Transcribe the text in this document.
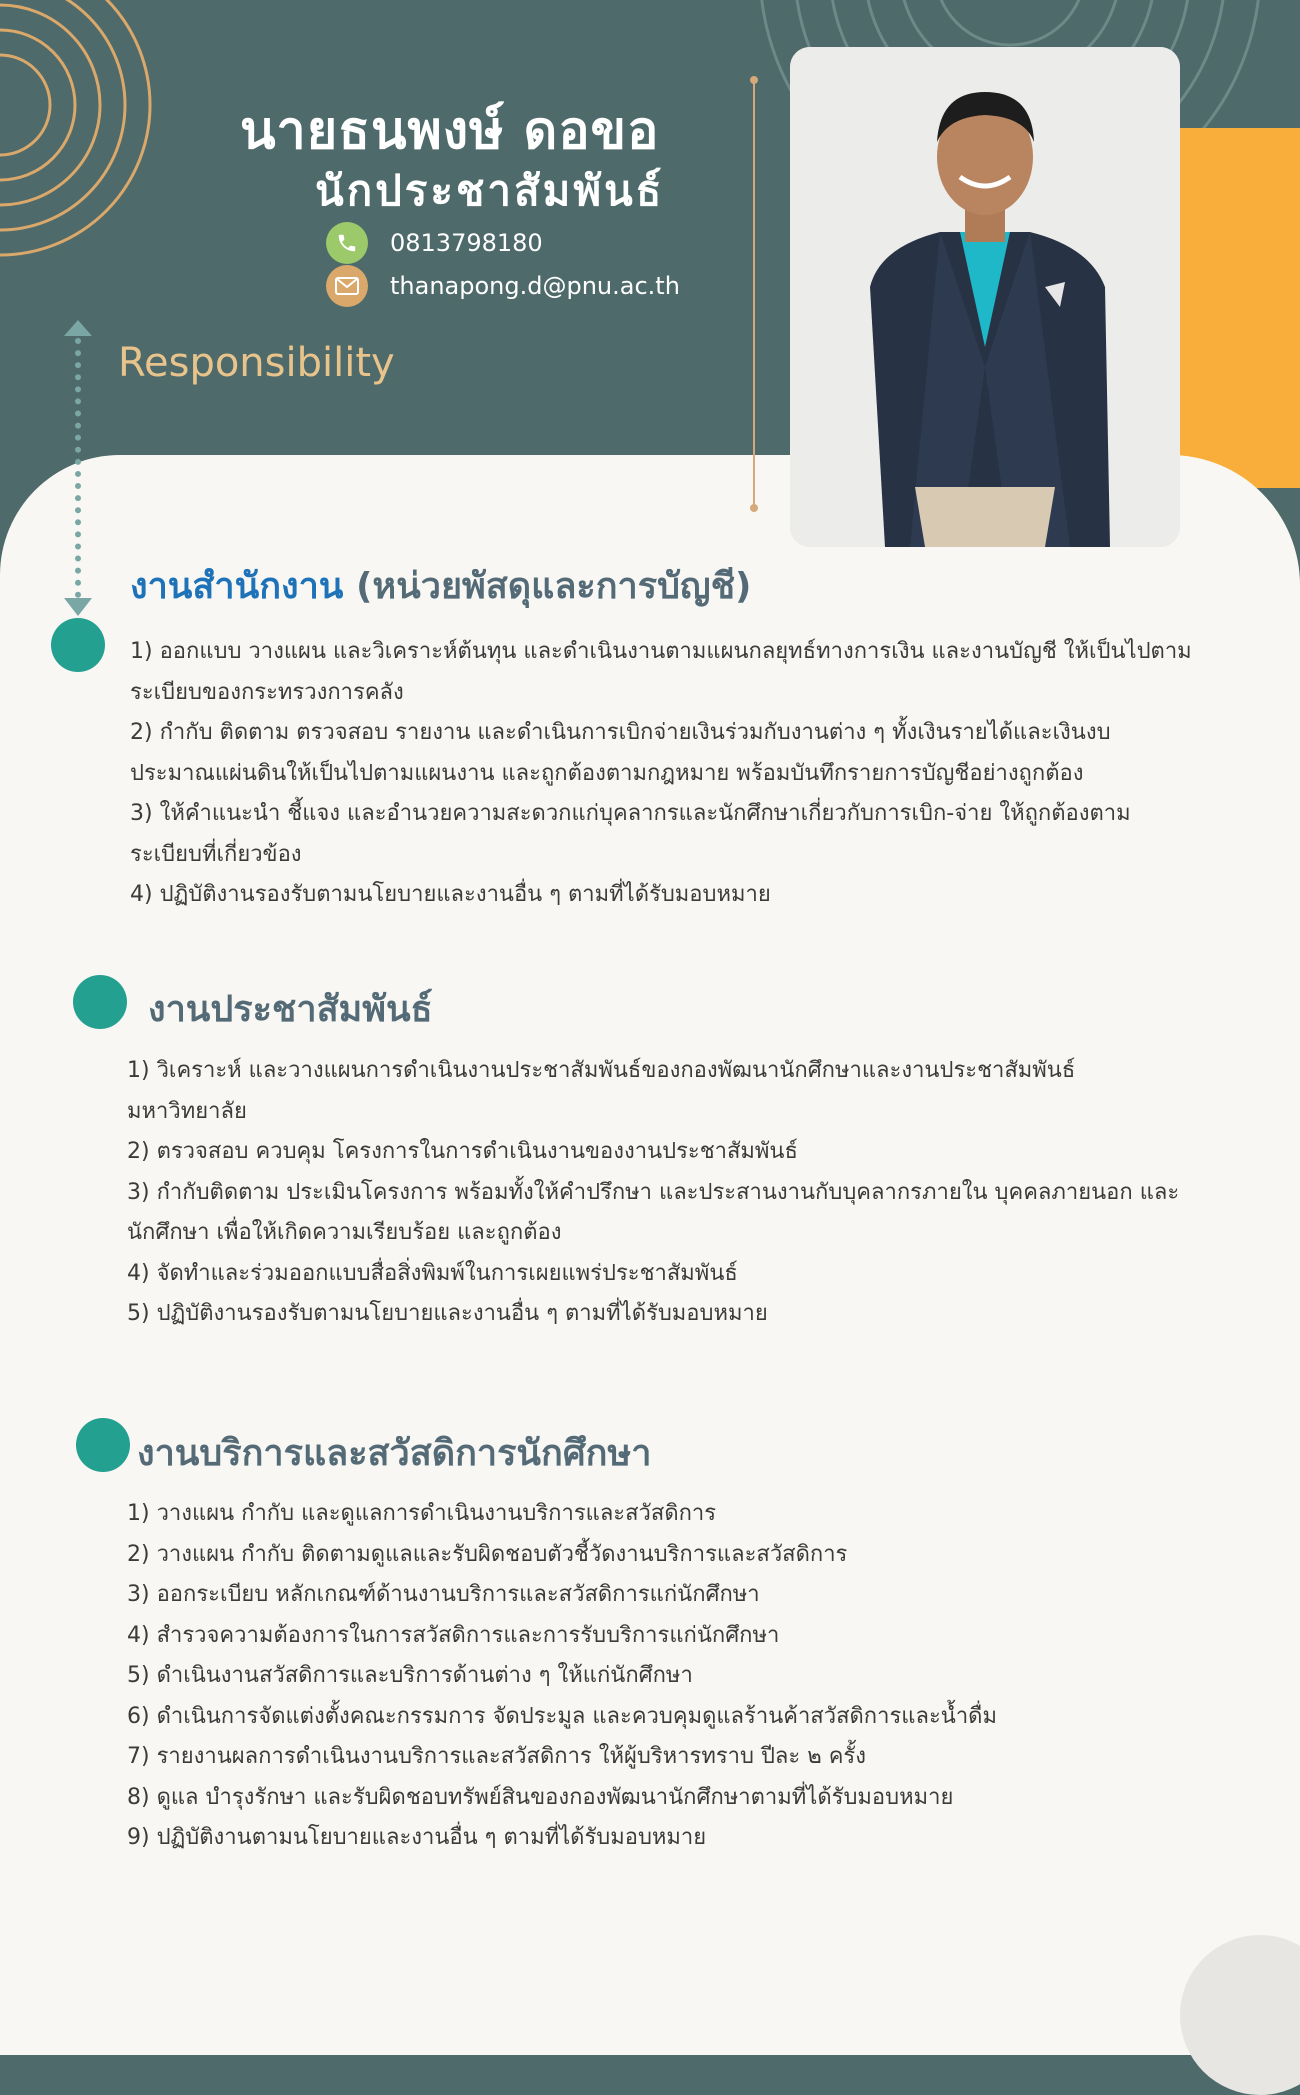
นายธนพงษ์ ดอขอ
นักประชาสัมพันธ์
0813798180
thanapong.d@pnu.ac.th
Responsibility
งานสำนักงาน (หน่วยพัสดุและการบัญชี)
1) ออกแบบ วางแผน และวิเคราะห์ต้นทุน และดำเนินงานตามแผนกลยุทธ์ทางการเงิน และงานบัญชี ให้เป็นไปตาม
ระเบียบของกระทรวงการคลัง
2) กำกับ ติดตาม ตรวจสอบ รายงาน และดำเนินการเบิกจ่ายเงินร่วมกับงานต่าง ๆ ทั้งเงินรายได้และเงินงบ
ประมาณแผ่นดินให้เป็นไปตามแผนงาน และถูกต้องตามกฎหมาย พร้อมบันทึกรายการบัญชีอย่างถูกต้อง
3) ให้คำแนะนำ ชี้แจง และอำนวยความสะดวกแก่บุคลากรและนักศึกษาเกี่ยวกับการเบิก-จ่าย ให้ถูกต้องตาม
ระเบียบที่เกี่ยวข้อง
4) ปฏิบัติงานรองรับตามนโยบายและงานอื่น ๆ ตามที่ได้รับมอบหมาย
งานประชาสัมพันธ์
1) วิเคราะห์ และวางแผนการดำเนินงานประชาสัมพันธ์ของกองพัฒนานักศึกษาและงานประชาสัมพันธ์
มหาวิทยาลัย
2) ตรวจสอบ ควบคุม โครงการในการดำเนินงานของงานประชาสัมพันธ์
3) กำกับติดตาม ประเมินโครงการ พร้อมทั้งให้คำปรึกษา และประสานงานกับบุคลากรภายใน บุคคลภายนอก และ
นักศึกษา เพื่อให้เกิดความเรียบร้อย และถูกต้อง
4) จัดทำและร่วมออกแบบสื่อสิ่งพิมพ์ในการเผยแพร่ประชาสัมพันธ์
5) ปฏิบัติงานรองรับตามนโยบายและงานอื่น ๆ ตามที่ได้รับมอบหมาย
งานบริการและสวัสดิการนักศึกษา
1) วางแผน กำกับ และดูแลการดำเนินงานบริการและสวัสดิการ
2) วางแผน กำกับ ติดตามดูแลและรับผิดชอบตัวชี้วัดงานบริการและสวัสดิการ
3) ออกระเบียบ หลักเกณฑ์ด้านงานบริการและสวัสดิการแก่นักศึกษา
4) สำรวจความต้องการในการสวัสดิการและการรับบริการแก่นักศึกษา
5) ดำเนินงานสวัสดิการและบริการด้านต่าง ๆ ให้แก่นักศึกษา
6) ดำเนินการจัดแต่งตั้งคณะกรรมการ จัดประมูล และควบคุมดูแลร้านค้าสวัสดิการและน้ำดื่ม
7) รายงานผลการดำเนินงานบริการและสวัสดิการ ให้ผู้บริหารทราบ ปีละ ๒ ครั้ง
8) ดูแล บำรุงรักษา และรับผิดชอบทรัพย์สินของกองพัฒนานักศึกษาตามที่ได้รับมอบหมาย
9) ปฏิบัติงานตามนโยบายและงานอื่น ๆ ตามที่ได้รับมอบหมาย
